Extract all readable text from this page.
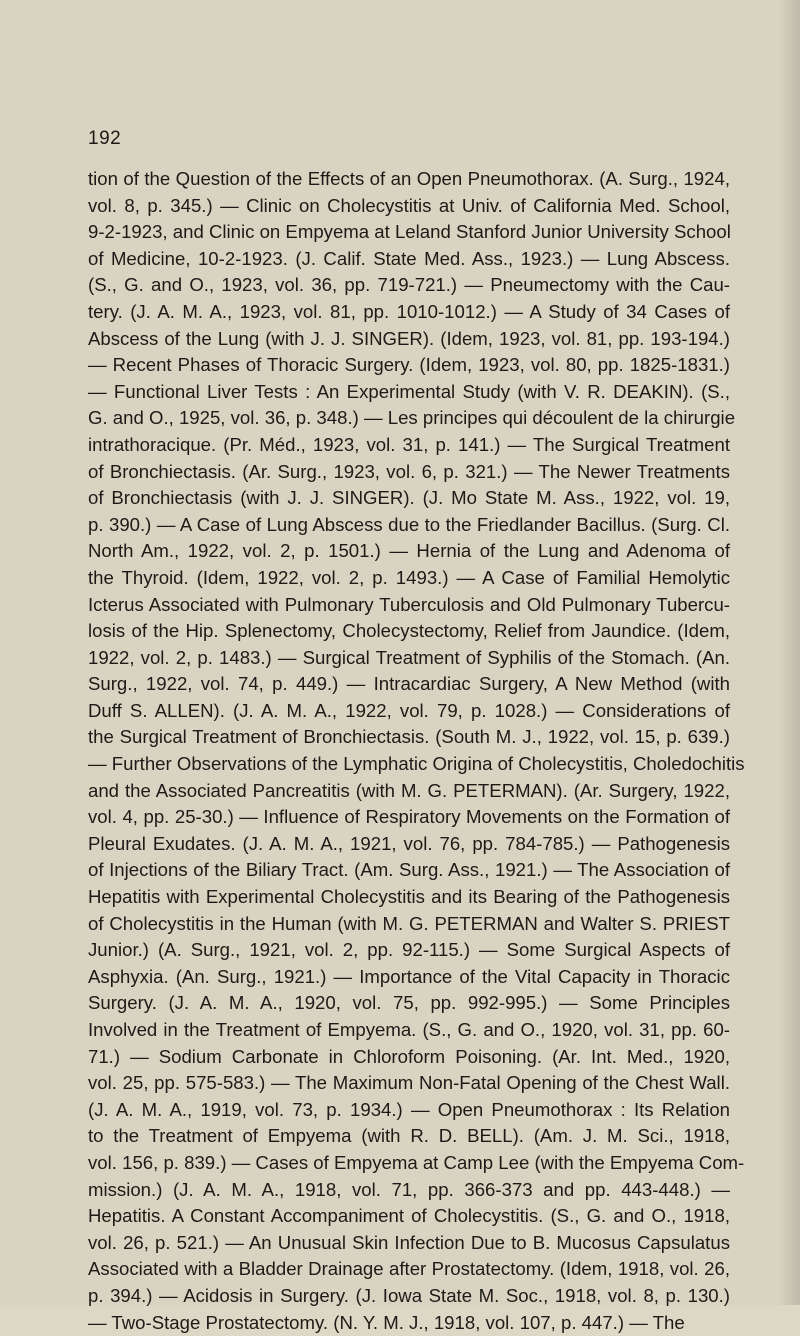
192
tion of the Question of the Effects of an Open Pneumothorax. (A. Surg., 1924,
vol. 8, p. 345.) — Clinic on Cholecystitis at Univ. of California Med. School,
9-2-1923, and Clinic on Empyema at Leland Stanford Junior University School
of Medicine, 10-2-1923. (J. Calif. State Med. Ass., 1923.) — Lung Abscess.
(S., G. and O., 1923, vol. 36, pp. 719-721.) — Pneumectomy with the Cau-
tery. (J. A. M. A., 1923, vol. 81, pp. 1010-1012.) — A Study of 34 Cases of
Abscess of the Lung (with J. J. SINGER). (Idem, 1923, vol. 81, pp. 193-194.)
— Recent Phases of Thoracic Surgery. (Idem, 1923, vol. 80, pp. 1825-1831.)
— Functional Liver Tests : An Experimental Study (with V. R. DEAKIN). (S.,
G. and O., 1925, vol. 36, p. 348.) — Les principes qui découlent de la chirurgie
intrathoracique. (Pr. Méd., 1923, vol. 31, p. 141.) — The Surgical Treatment
of Bronchiectasis. (Ar. Surg., 1923, vol. 6, p. 321.) — The Newer Treatments
of Bronchiectasis (with J. J. SINGER). (J. Mo State M. Ass., 1922, vol. 19,
p. 390.) — A Case of Lung Abscess due to the Friedlander Bacillus. (Surg. Cl.
North Am., 1922, vol. 2, p. 1501.) — Hernia of the Lung and Adenoma of
the Thyroid. (Idem, 1922, vol. 2, p. 1493.) — A Case of Familial Hemolytic
Icterus Associated with Pulmonary Tuberculosis and Old Pulmonary Tubercu-
losis of the Hip. Splenectomy, Cholecystectomy, Relief from Jaundice. (Idem,
1922, vol. 2, p. 1483.) — Surgical Treatment of Syphilis of the Stomach. (An.
Surg., 1922, vol. 74, p. 449.) — Intracardiac Surgery, A New Method (with
Duff S. ALLEN). (J. A. M. A., 1922, vol. 79, p. 1028.) — Considerations of
the Surgical Treatment of Bronchiectasis. (South M. J., 1922, vol. 15, p. 639.)
— Further Observations of the Lymphatic Origina of Cholecystitis, Choledochitis
and the Associated Pancreatitis (with M. G. PETERMAN). (Ar. Surgery, 1922,
vol. 4, pp. 25-30.) — Influence of Respiratory Movements on the Formation of
Pleural Exudates. (J. A. M. A., 1921, vol. 76, pp. 784-785.) — Pathogenesis
of Injections of the Biliary Tract. (Am. Surg. Ass., 1921.) — The Association of
Hepatitis with Experimental Cholecystitis and its Bearing of the Pathogenesis
of Cholecystitis in the Human (with M. G. PETERMAN and Walter S. PRIEST
Junior.) (A. Surg., 1921, vol. 2, pp. 92-115.) — Some Surgical Aspects of
Asphyxia. (An. Surg., 1921.) — Importance of the Vital Capacity in Thoracic
Surgery. (J. A. M. A., 1920, vol. 75, pp. 992-995.) — Some Principles
Involved in the Treatment of Empyema. (S., G. and O., 1920, vol. 31, pp. 60-
71.) — Sodium Carbonate in Chloroform Poisoning. (Ar. Int. Med., 1920,
vol. 25, pp. 575-583.) — The Maximum Non-Fatal Opening of the Chest Wall.
(J. A. M. A., 1919, vol. 73, p. 1934.) — Open Pneumothorax : Its Relation
to the Treatment of Empyema (with R. D. BELL). (Am. J. M. Sci., 1918,
vol. 156, p. 839.) — Cases of Empyema at Camp Lee (with the Empyema Com-
mission.) (J. A. M. A., 1918, vol. 71, pp. 366-373 and pp. 443-448.) —
Hepatitis. A Constant Accompaniment of Cholecystitis. (S., G. and O., 1918,
vol. 26, p. 521.) — An Unusual Skin Infection Due to B. Mucosus Capsulatus
Associated with a Bladder Drainage after Prostatectomy. (Idem, 1918, vol. 26,
p. 394.) — Acidosis in Surgery. (J. Iowa State M. Soc., 1918, vol. 8, p. 130.)
— Two-Stage Prostatectomy. (N. Y. M. J., 1918, vol. 107, p. 447.) — The
